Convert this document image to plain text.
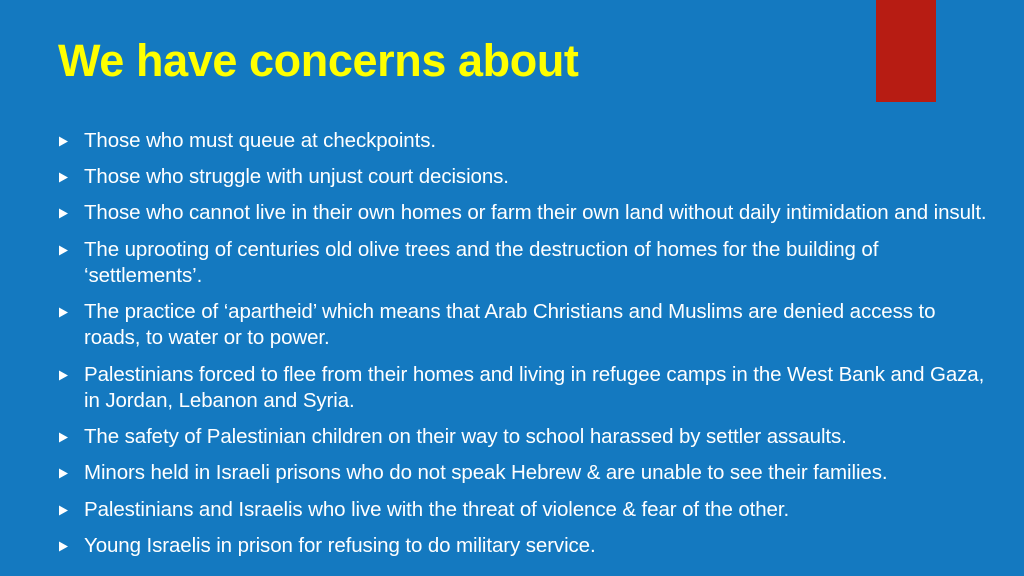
We have concerns about
Those who must queue at checkpoints.
Those who struggle with unjust court decisions.
Those who cannot live in their own homes or farm their own land without daily intimidation and insult.
The uprooting of centuries old olive trees and the destruction of homes for the building of ‘settlements’.
The practice of ‘apartheid’ which means that Arab Christians and Muslims are denied access to roads, to water or to power.
Palestinians forced to flee from their homes and living in refugee camps in the West Bank and Gaza, in Jordan, Lebanon and Syria.
The safety of Palestinian children on their way to school harassed by settler assaults.
Minors held in Israeli prisons who do not speak Hebrew & are unable to see their families.
Palestinians and Israelis who live with the threat of violence & fear of the other.
Young Israelis in prison for refusing to do military service.
